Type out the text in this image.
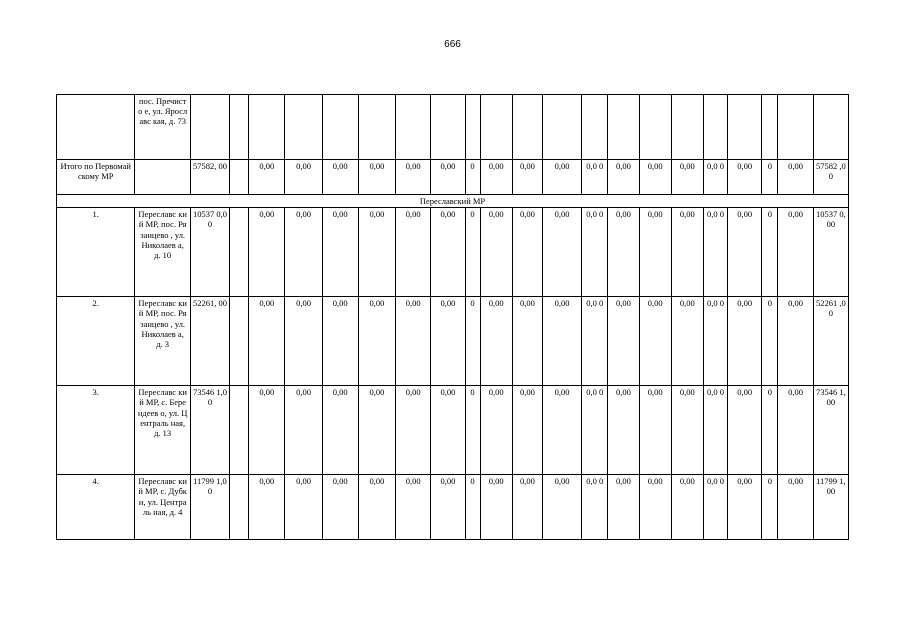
666
	пос. Пречисто е, ул. Ярославс кая, д. 73																					
Итого по Первомайскому МР		57582, 00		0,00	0,00	0,00	0,00	0,00	0,00	0	0,00	0,00	0,00	0,0 0	0,00	0,00	0,00	0,0 0	0,00	0	0,00	57582 ,00
Переславский МР																						
1.	Переславс кий МР, пос. Рязанцево , ул. Николаев а, д. 10	10537 0,00		0,00	0,00	0,00	0,00	0,00	0,00	0	0,00	0,00	0,00	0,0 0	0,00	0,00	0,00	0,0 0	0,00	0	0,00	10537 0,00
2.	Переславс кий МР, пос. Рязанцево , ул. Николаев а, д. 3	52261, 00		0,00	0,00	0,00	0,00	0,00	0,00	0	0,00	0,00	0,00	0,0 0	0,00	0,00	0,00	0,0 0	0,00	0	0,00	52261 ,00
3.	Переславс кий МР, с. Берендеев о, ул. Централь ная, д. 13	73546 1,00		0,00	0,00	0,00	0,00	0,00	0,00	0	0,00	0,00	0,00	0,0 0	0,00	0,00	0,00	0,0 0	0,00	0	0,00	73546 1,00
4.	Переславс кий МР, с. Дубки, ул. Централь ная, д. 4	11799 1,00		0,00	0,00	0,00	0,00	0,00	0,00	0	0,00	0,00	0,00	0,0 0	0,00	0,00	0,00	0,0 0	0,00	0	0,00	11799 1,00
